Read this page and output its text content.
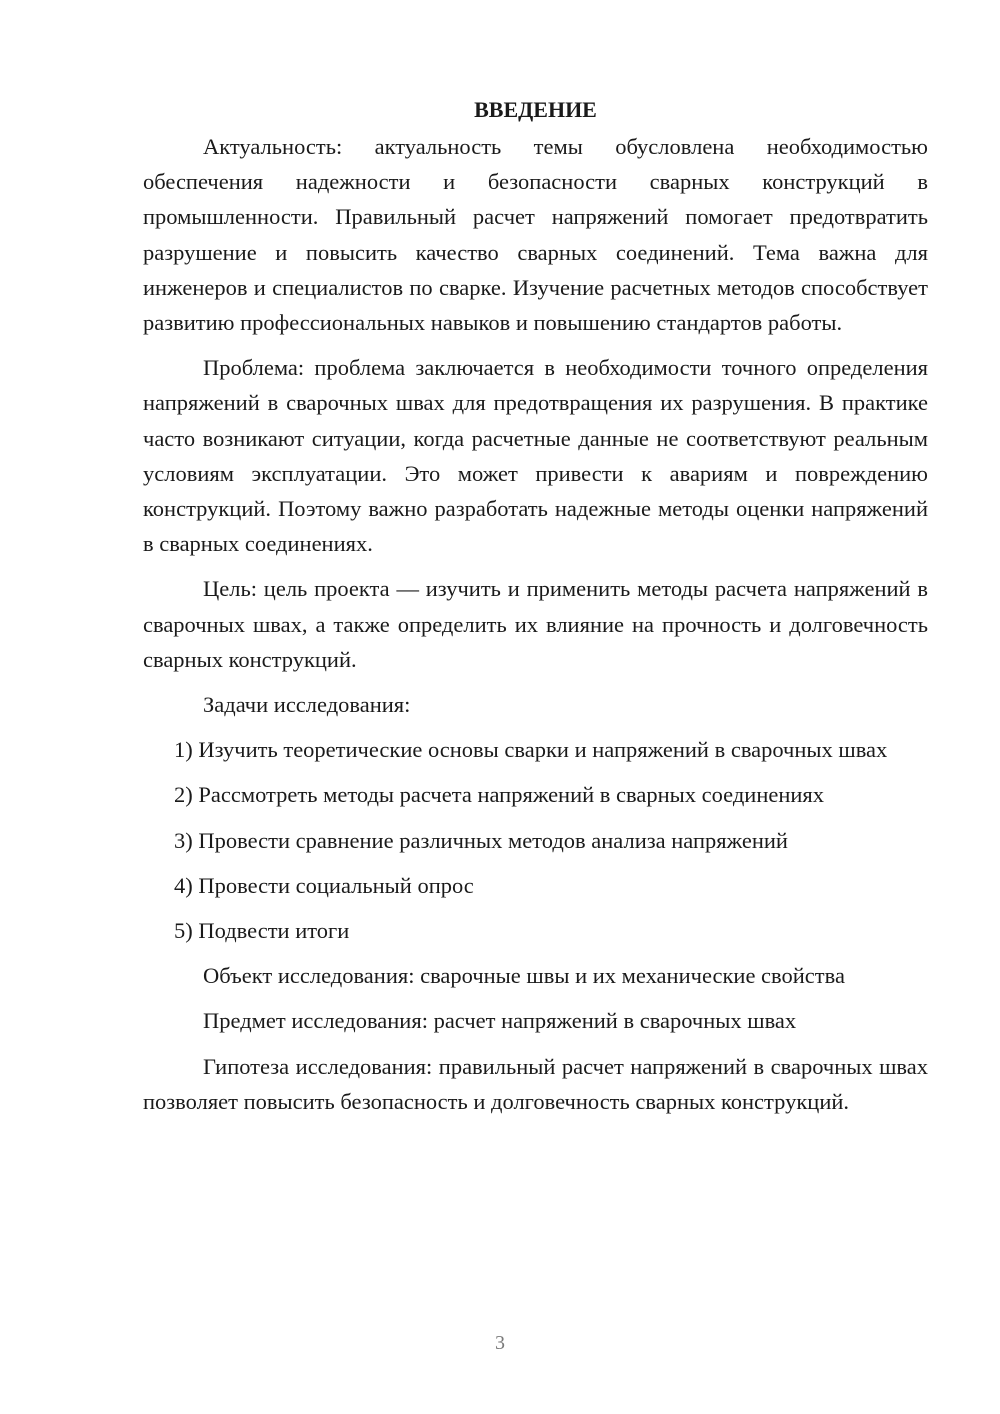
ВВЕДЕНИЕ

Актуальность: актуальность темы обусловлена необходимостью обеспечения надежности и безопасности сварных конструкций в промышленности. Правильный расчет напряжений помогает предотвратить разрушение и повысить качество сварных соединений. Тема важна для инженеров и специалистов по сварке. Изучение расчетных методов способствует развитию профессиональных навыков и повышению стандартов работы.

Проблема: проблема заключается в необходимости точного определения напряжений в сварочных швах для предотвращения их разрушения. В практике часто возникают ситуации, когда расчетные данные не соответствуют реальным условиям эксплуатации. Это может привести к авариям и повреждению конструкций. Поэтому важно разработать надежные методы оценки напряжений в сварных соединениях.

Цель: цель проекта — изучить и применить методы расчета напряжений в сварочных швах, а также определить их влияние на прочность и долговечность сварных конструкций.

Задачи исследования:

1) Изучить теоретические основы сварки и напряжений в сварочных швах
2) Рассмотреть методы расчета напряжений в сварных соединениях
3) Провести сравнение различных методов анализа напряжений
4) Провести социальный опрос
5) Подвести итоги

Объект исследования: сварочные швы и их механические свойства

Предмет исследования: расчет напряжений в сварочных швах

Гипотеза исследования: правильный расчет напряжений в сварочных швах позволяет повысить безопасность и долговечность сварных конструкций.

3
